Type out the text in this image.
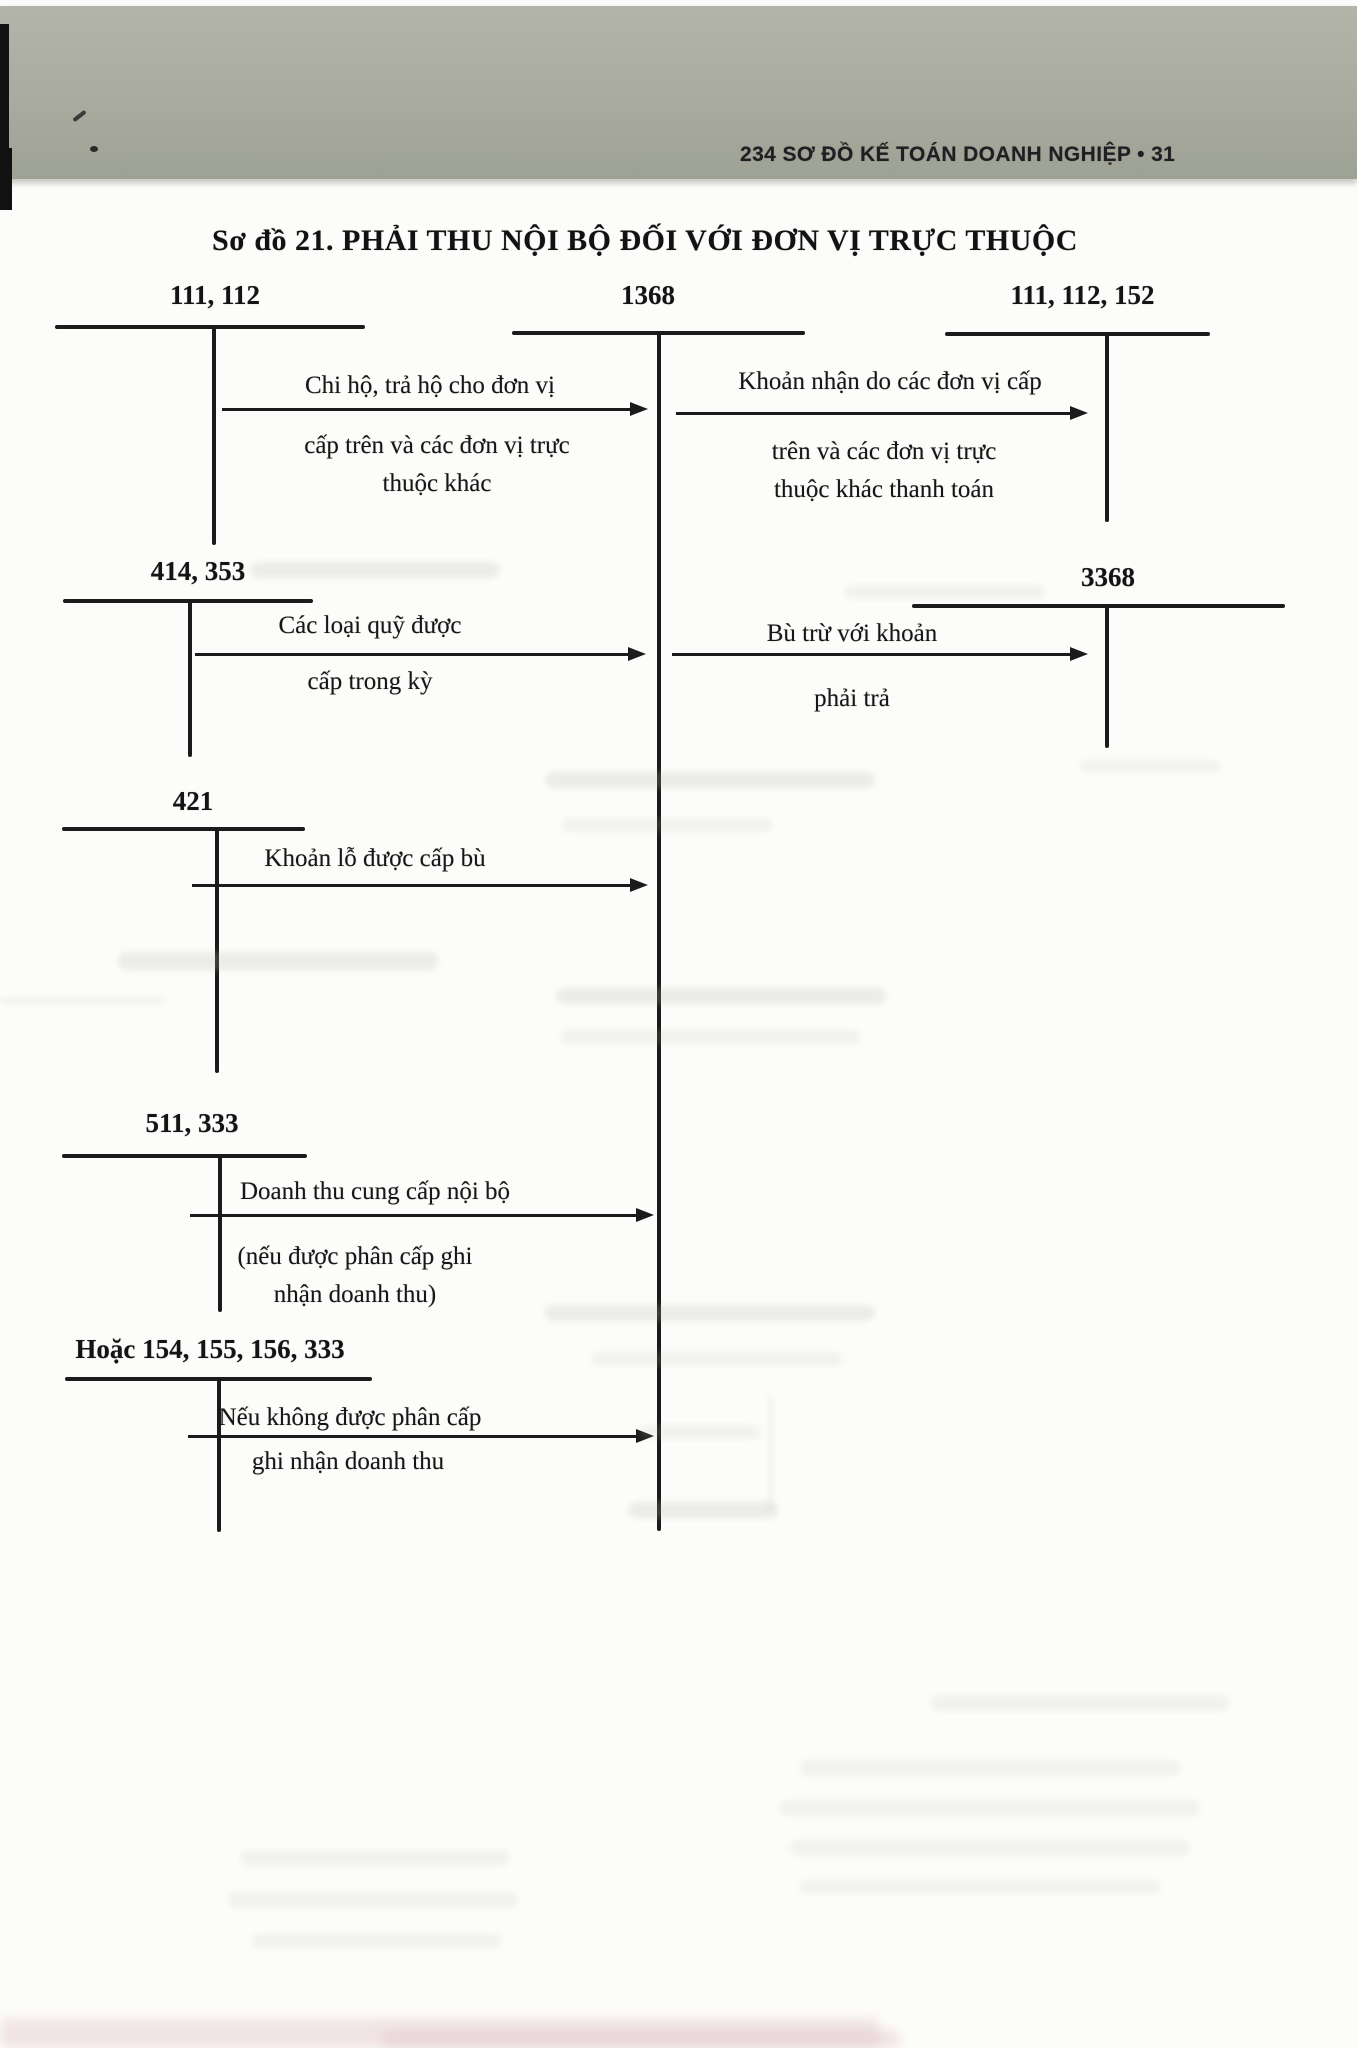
234 SƠ ĐỒ KẾ TOÁN DOANH NGHIỆP • 31
Sơ đồ 21. PHẢI THU NỘI BỘ ĐỐI VỚI ĐƠN VỊ TRỰC THUỘC
111, 112	1368	111, 112, 152
414, 353	3368
421
511, 333
Hoặc 154, 155, 156, 333
Chi hộ, trả hộ cho đơn vị
cấp trên và các đơn vị trực
thuộc khác
Khoản nhận do các đơn vị cấp
trên và các đơn vị trực
thuộc khác thanh toán
Các loại quỹ được
cấp trong kỳ
Bù trừ với khoản
phải trả
Khoản lỗ được cấp bù
Doanh thu cung cấp nội bộ
(nếu được phân cấp ghi
nhận doanh thu)
Nếu không được phân cấp
ghi nhận doanh thu
